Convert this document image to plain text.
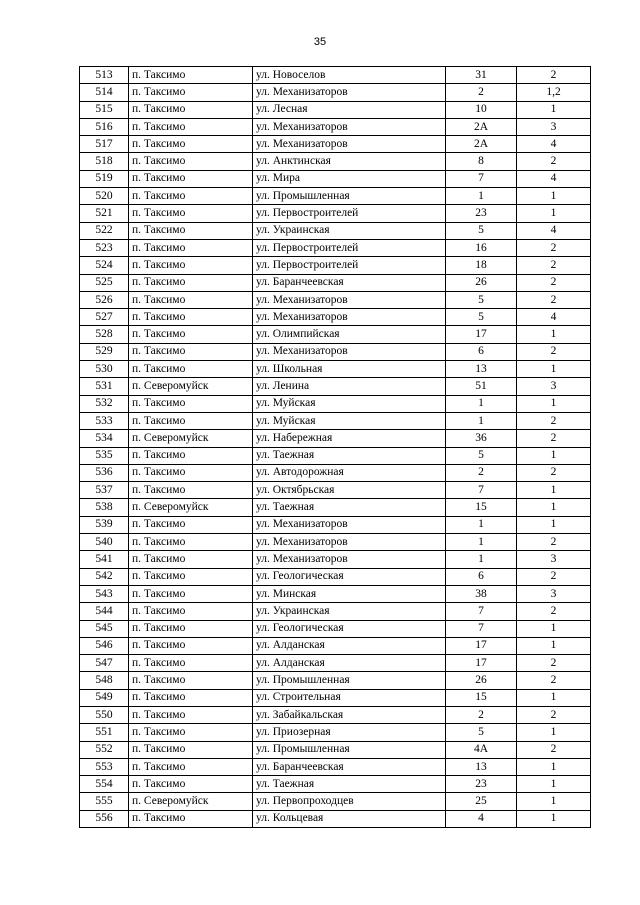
35
513	п. Таксимо	ул. Новоселов	31	2
514	п. Таксимо	ул. Механизаторов	2	1,2
515	п. Таксимо	ул. Лесная	10	1
516	п. Таксимо	ул. Механизаторов	2А	3
517	п. Таксимо	ул. Механизаторов	2А	4
518	п. Таксимо	ул. Анктинская	8	2
519	п. Таксимо	ул. Мира	7	4
520	п. Таксимо	ул. Промышленная	1	1
521	п. Таксимо	ул. Первостроителей	23	1
522	п. Таксимо	ул. Украинская	5	4
523	п. Таксимо	ул. Первостроителей	16	2
524	п. Таксимо	ул. Первостроителей	18	2
525	п. Таксимо	ул. Баранчеевская	26	2
526	п. Таксимо	ул. Механизаторов	5	2
527	п. Таксимо	ул. Механизаторов	5	4
528	п. Таксимо	ул. Олимпийская	17	1
529	п. Таксимо	ул. Механизаторов	6	2
530	п. Таксимо	ул. Школьная	13	1
531	п. Северомуйск	ул. Ленина	51	3
532	п. Таксимо	ул. Муйская	1	1
533	п. Таксимо	ул. Муйская	1	2
534	п. Северомуйск	ул. Набережная	36	2
535	п. Таксимо	ул. Таежная	5	1
536	п. Таксимо	ул. Автодорожная	2	2
537	п. Таксимо	ул. Октябрьская	7	1
538	п. Северомуйск	ул. Таежная	15	1
539	п. Таксимо	ул. Механизаторов	1	1
540	п. Таксимо	ул. Механизаторов	1	2
541	п. Таксимо	ул. Механизаторов	1	3
542	п. Таксимо	ул. Геологическая	6	2
543	п. Таксимо	ул. Минская	38	3
544	п. Таксимо	ул. Украинская	7	2
545	п. Таксимо	ул. Геологическая	7	1
546	п. Таксимо	ул. Алданская	17	1
547	п. Таксимо	ул. Алданская	17	2
548	п. Таксимо	ул. Промышленная	26	2
549	п. Таксимо	ул. Строительная	15	1
550	п. Таксимо	ул. Забайкальская	2	2
551	п. Таксимо	ул. Приозерная	5	1
552	п. Таксимо	ул. Промышленная	4А	2
553	п. Таксимо	ул. Баранчеевская	13	1
554	п. Таксимо	ул. Таежная	23	1
555	п. Северомуйск	ул. Первопроходцев	25	1
556	п. Таксимо	ул. Кольцевая	4	1
